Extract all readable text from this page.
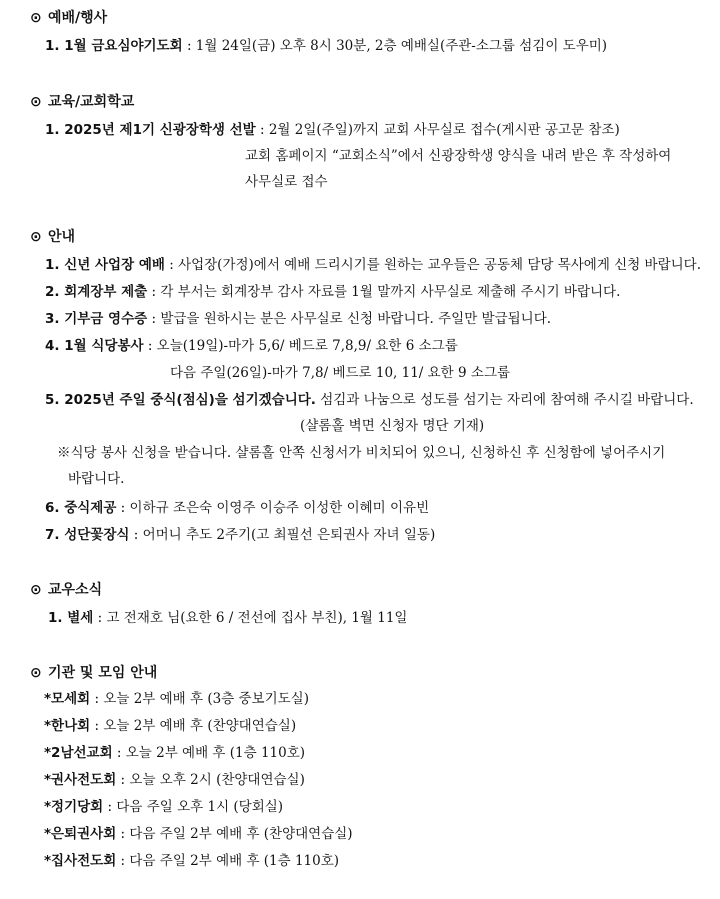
⊙ 예배/행사
1. 1월 금요심야기도회 : 1월 24일(금) 오후 8시 30분, 2층 예배실(주관-소그룹 섬김이 도우미)
⊙ 교육/교회학교
1. 2025년 제1기 신광장학생 선발 : 2월 2일(주일)까지 교회 사무실로 접수(게시판 공고문 참조)
교회 홈페이지 “교회소식”에서 신광장학생 양식을 내려 받은 후 작성하여
사무실로 접수
⊙ 안내
1. 신년 사업장 예배 : 사업장(가정)에서 예배 드리시기를 원하는 교우들은 공동체 담당 목사에게 신청 바랍니다.
2. 회계장부 제출 : 각 부서는 회계장부 감사 자료를 1월 말까지 사무실로 제출해 주시기 바랍니다.
3. 기부금 영수증 : 발급을 원하시는 분은 사무실로 신청 바랍니다. 주일만 발급됩니다.
4. 1월 식당봉사 : 오늘(19일)-마가 5,6/ 베드로 7,8,9/ 요한 6 소그룹
다음 주일(26일)-마가 7,8/ 베드로 10, 11/ 요한 9 소그룹
5. 2025년 주일 중식(점심)을 섬기겠습니다. 섬김과 나눔으로 성도를 섬기는 자리에 참여해 주시길 바랍니다.
(샬롬홀 벽면 신청자 명단 기재)
※식당 봉사 신청을 받습니다. 샬롬홀 안쪽 신청서가 비치되어 있으니, 신청하신 후 신청함에 넣어주시기
바랍니다.
6. 중식제공 : 이하규 조은숙 이영주 이승주 이성한 이혜미 이유빈
7. 성단꽃장식 : 어머니 추도 2주기(고 최필선 은퇴권사 자녀 일동)
⊙ 교우소식
1. 별세 : 고 전재호 님(요한 6 / 전선에 집사 부친), 1월 11일
⊙ 기관 및 모임 안내
*모세회 : 오늘 2부 예배 후 (3층 중보기도실)
*한나회 : 오늘 2부 예배 후 (찬양대연습실)
*2남선교회 : 오늘 2부 예배 후 (1층 110호)
*권사전도회 : 오늘 오후 2시 (찬양대연습실)
*정기당회 : 다음 주일 오후 1시 (당회실)
*은퇴권사회 : 다음 주일 2부 예배 후 (찬양대연습실)
*집사전도회 : 다음 주일 2부 예배 후 (1층 110호)
